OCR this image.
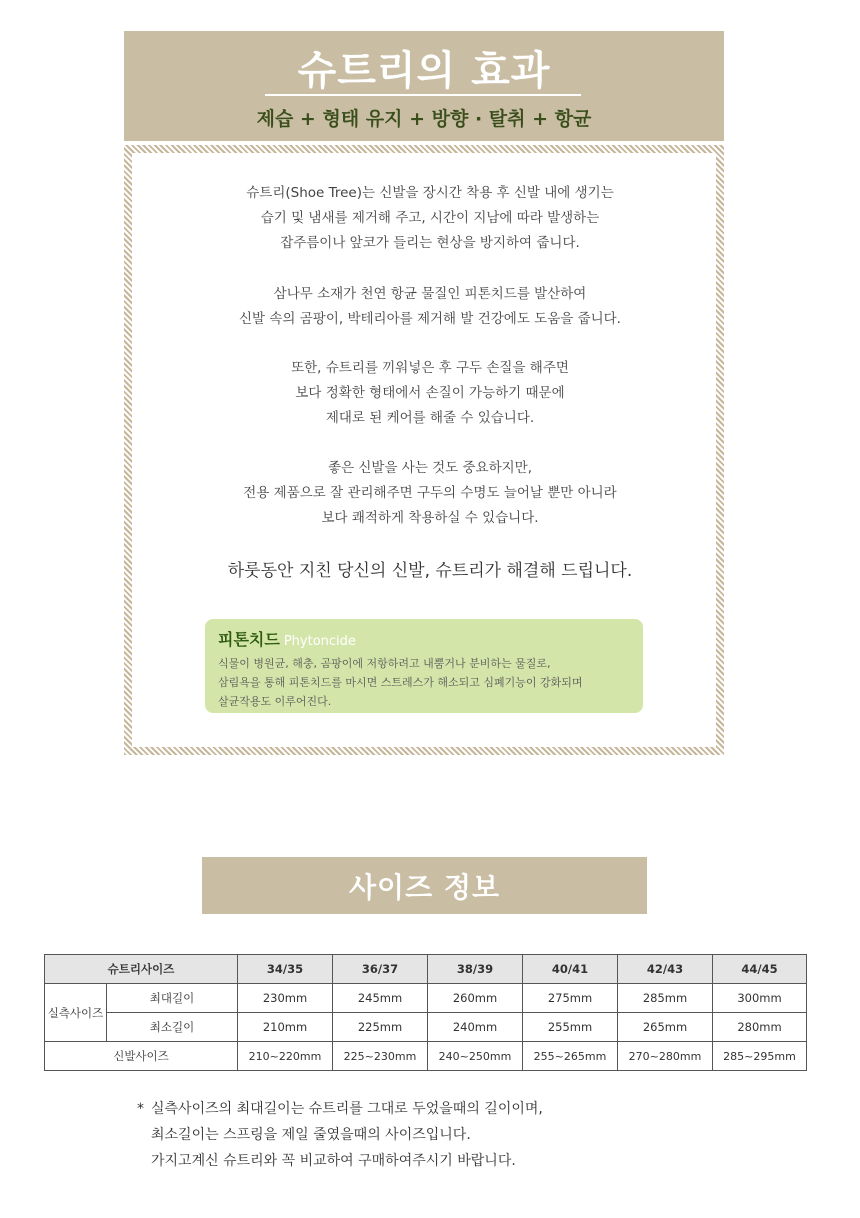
슈트리의 효과
제습 + 형태 유지 + 방향 · 탈취 + 항균
슈트리(Shoe Tree)는 신발을 장시간 착용 후 신발 내에 생기는
습기 및 냄새를 제거해 주고, 시간이 지남에 따라 발생하는
잡주름이나 앞코가 들리는 현상을 방지하여 줍니다.
삼나무 소재가 천연 항균 물질인 피톤치드를 발산하여
신발 속의 곰팡이, 박테리아를 제거해 발 건강에도 도움을 줍니다.
또한, 슈트리를 끼워넣은 후 구두 손질을 해주면
보다 정확한 형태에서 손질이 가능하기 때문에
제대로 된 케어를 해줄 수 있습니다.
좋은 신발을 사는 것도 중요하지만,
전용 제품으로 잘 관리해주면 구두의 수명도 늘어날 뿐만 아니라
보다 쾌적하게 착용하실 수 있습니다.
하룻동안 지친 당신의 신발, 슈트리가 해결해 드립니다.
피톤치드 Phytoncide
식물이 병원균, 해충, 곰팡이에 저항하려고 내뿜거나 분비하는 물질로,
삼림욕을 통해 피톤치드를 마시면 스트레스가 해소되고 심폐기능이 강화되며
살균작용도 이루어진다.
사이즈 정보
슈트리사이즈		34/35	36/37	38/39	40/41	42/43	44/45
실측사이즈	최대길이	230mm	245mm	260mm	275mm	285mm	300mm
	최소길이	210mm	225mm	240mm	255mm	265mm	280mm
신발사이즈		210~220mm	225~230mm	240~250mm	255~265mm	270~280mm	285~295mm
* 실측사이즈의 최대길이는 슈트리를 그대로 두었을때의 길이이며,
최소길이는 스프링을 제일 줄였을때의 사이즈입니다.
가지고계신 슈트리와 꼭 비교하여 구매하여주시기 바랍니다.
